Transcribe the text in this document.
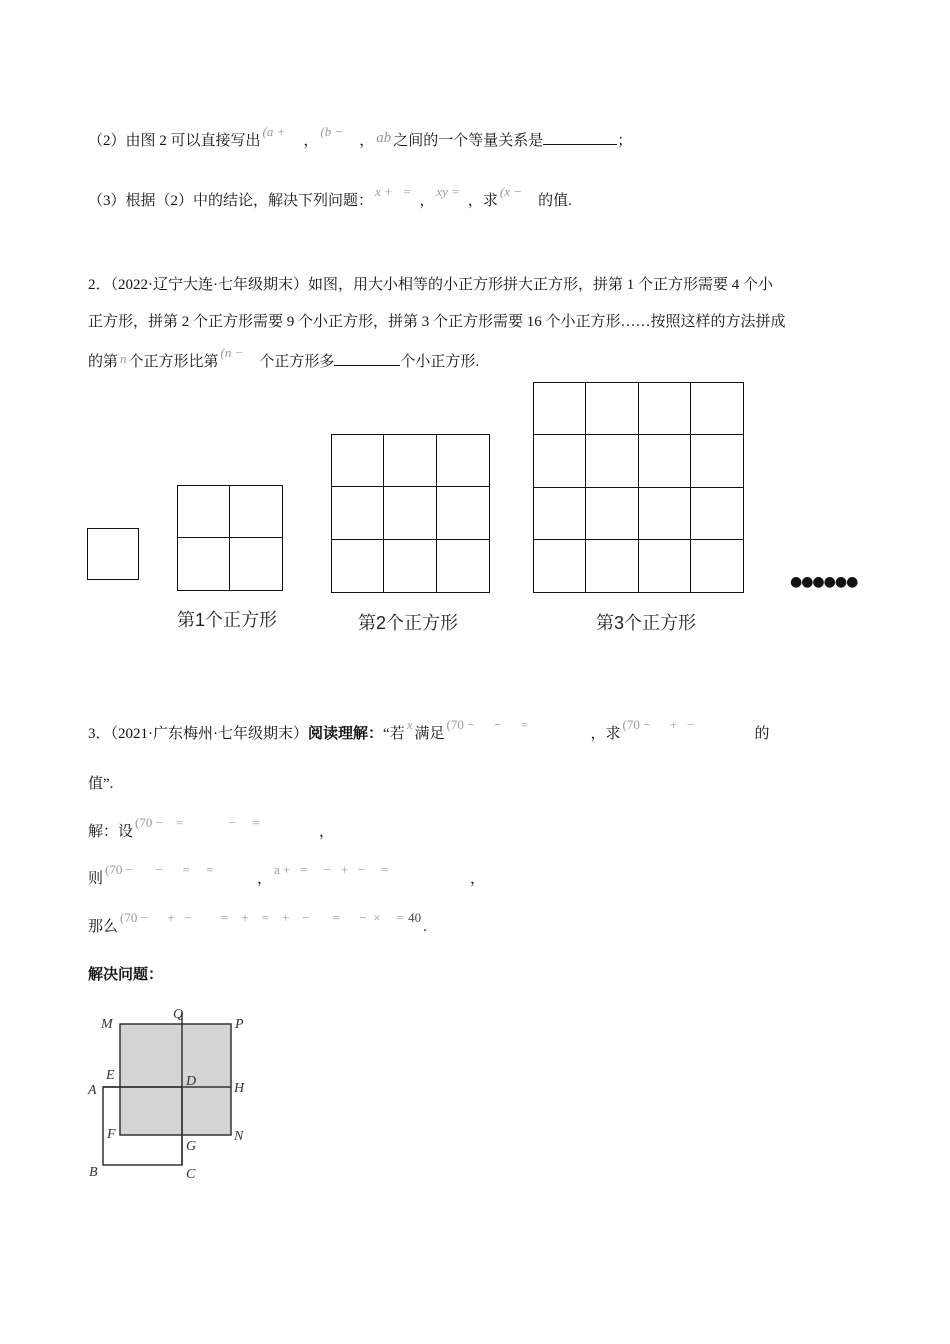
（2）由图 2 可以直接写出(a +，(b −， ab 之间的一个等量关系是	；
（3）根据（2）中的结论，解决下列问题：x +   =，xy =，求(x −的值.
2．（2022·辽宁大连·七年级期末）如图，用大小相等的小正方形拼大正方形，拼第 1 个正方形需要 4 个小
正方形，拼第 2 个正方形需要 9 个小正方形，拼第 3 个正方形需要 16 个小正方形……按照这样的方法拼成
的第 n 个正方形比第(n −个正方形多	个小正方形.
第1个正方形	第2个正方形	第3个正方形
●●●●●●
3．（2021·广东梅州·七年级期末）阅读理解：“若x满足(70 −      −      =，求(70 −      +   −的
值”.
解：设(70 −    =              −     =，
则(70 −       −      =     =，a +   =     −   +   −     =，
那么(70 −      +   −         =    +    =    +    −       =      −  ×     = 40.
解决问题：
M
Q
P
E	D	H
A
F
G
N
B	C
